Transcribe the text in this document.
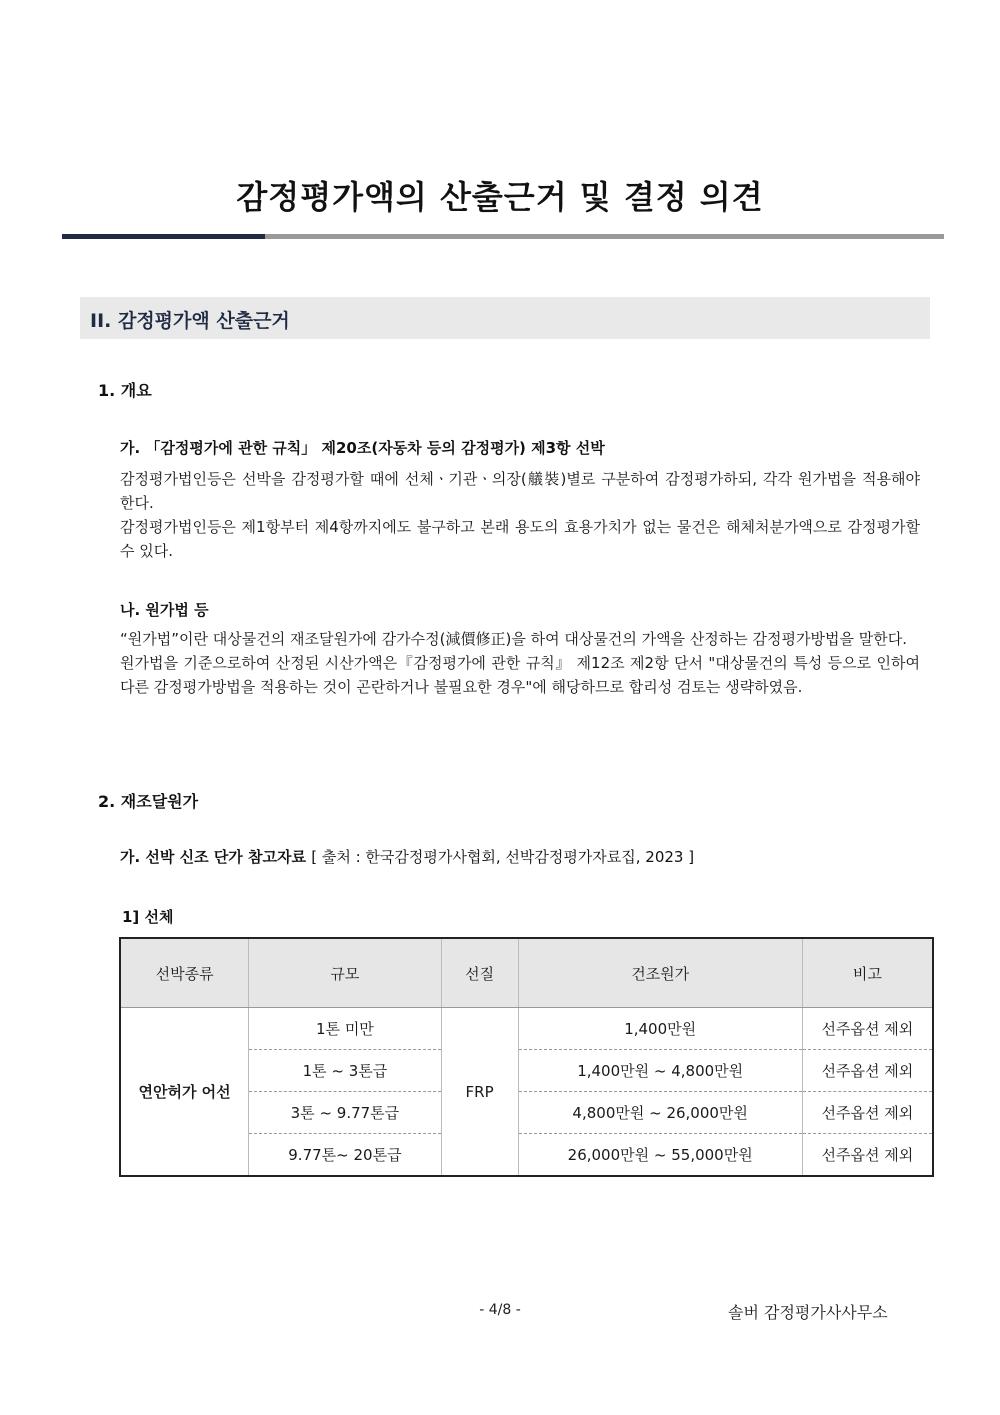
감정평가액의 산출근거 및 결정 의견
II. 감정평가액 산출근거
1. 개요
가. 「감정평가에 관한 규칙」 제20조(자동차 등의 감정평가) 제3항 선박

감정평가법인등은 선박을 감정평가할 때에 선체ㆍ기관ㆍ의장(艤裝)별로 구분하여 감정평가하되, 각각 원가법을 적용해야 한다.

감정평가법인등은 제1항부터 제4항까지에도 불구하고 본래 용도의 효용가치가 없는 물건은 해체처분가액으로 감정평가할 수 있다.

나. 원가법 등

“원가법”이란 대상물건의 재조달원가에 감가수정(減價修正)을 하여 대상물건의 가액을 산정하는 감정평가방법을 말한다.

원가법을 기준으로하여 산정된 시산가액은『감정평가에 관한 규칙』 제12조 제2항 단서 "대상물건의 특성 등으로 인하여 다른 감정평가방법을 적용하는 것이 곤란하거나 불필요한 경우"에 해당하므로 합리성 검토는 생략하였음.

2. 재조달원가
가. 선박 신조 단가 참고자료 [ 출처 : 한국감정평가사협회, 선박감정평가자료집, 2023 ]
1] 선체
선박종류	규모	선질	건조원가	비고
연안허가 어선	1톤 미만	FRP	1,400만원	선주옵션 제외
	1톤 ~ 3톤급		1,400만원 ~ 4,800만원	선주옵션 제외
	3톤 ~ 9.77톤급		4,800만원 ~ 26,000만원	선주옵션 제외
	9.77톤~ 20톤급		26,000만원 ~ 55,000만원	선주옵션 제외
- 4/8 -	솔버 감정평가사사무소
